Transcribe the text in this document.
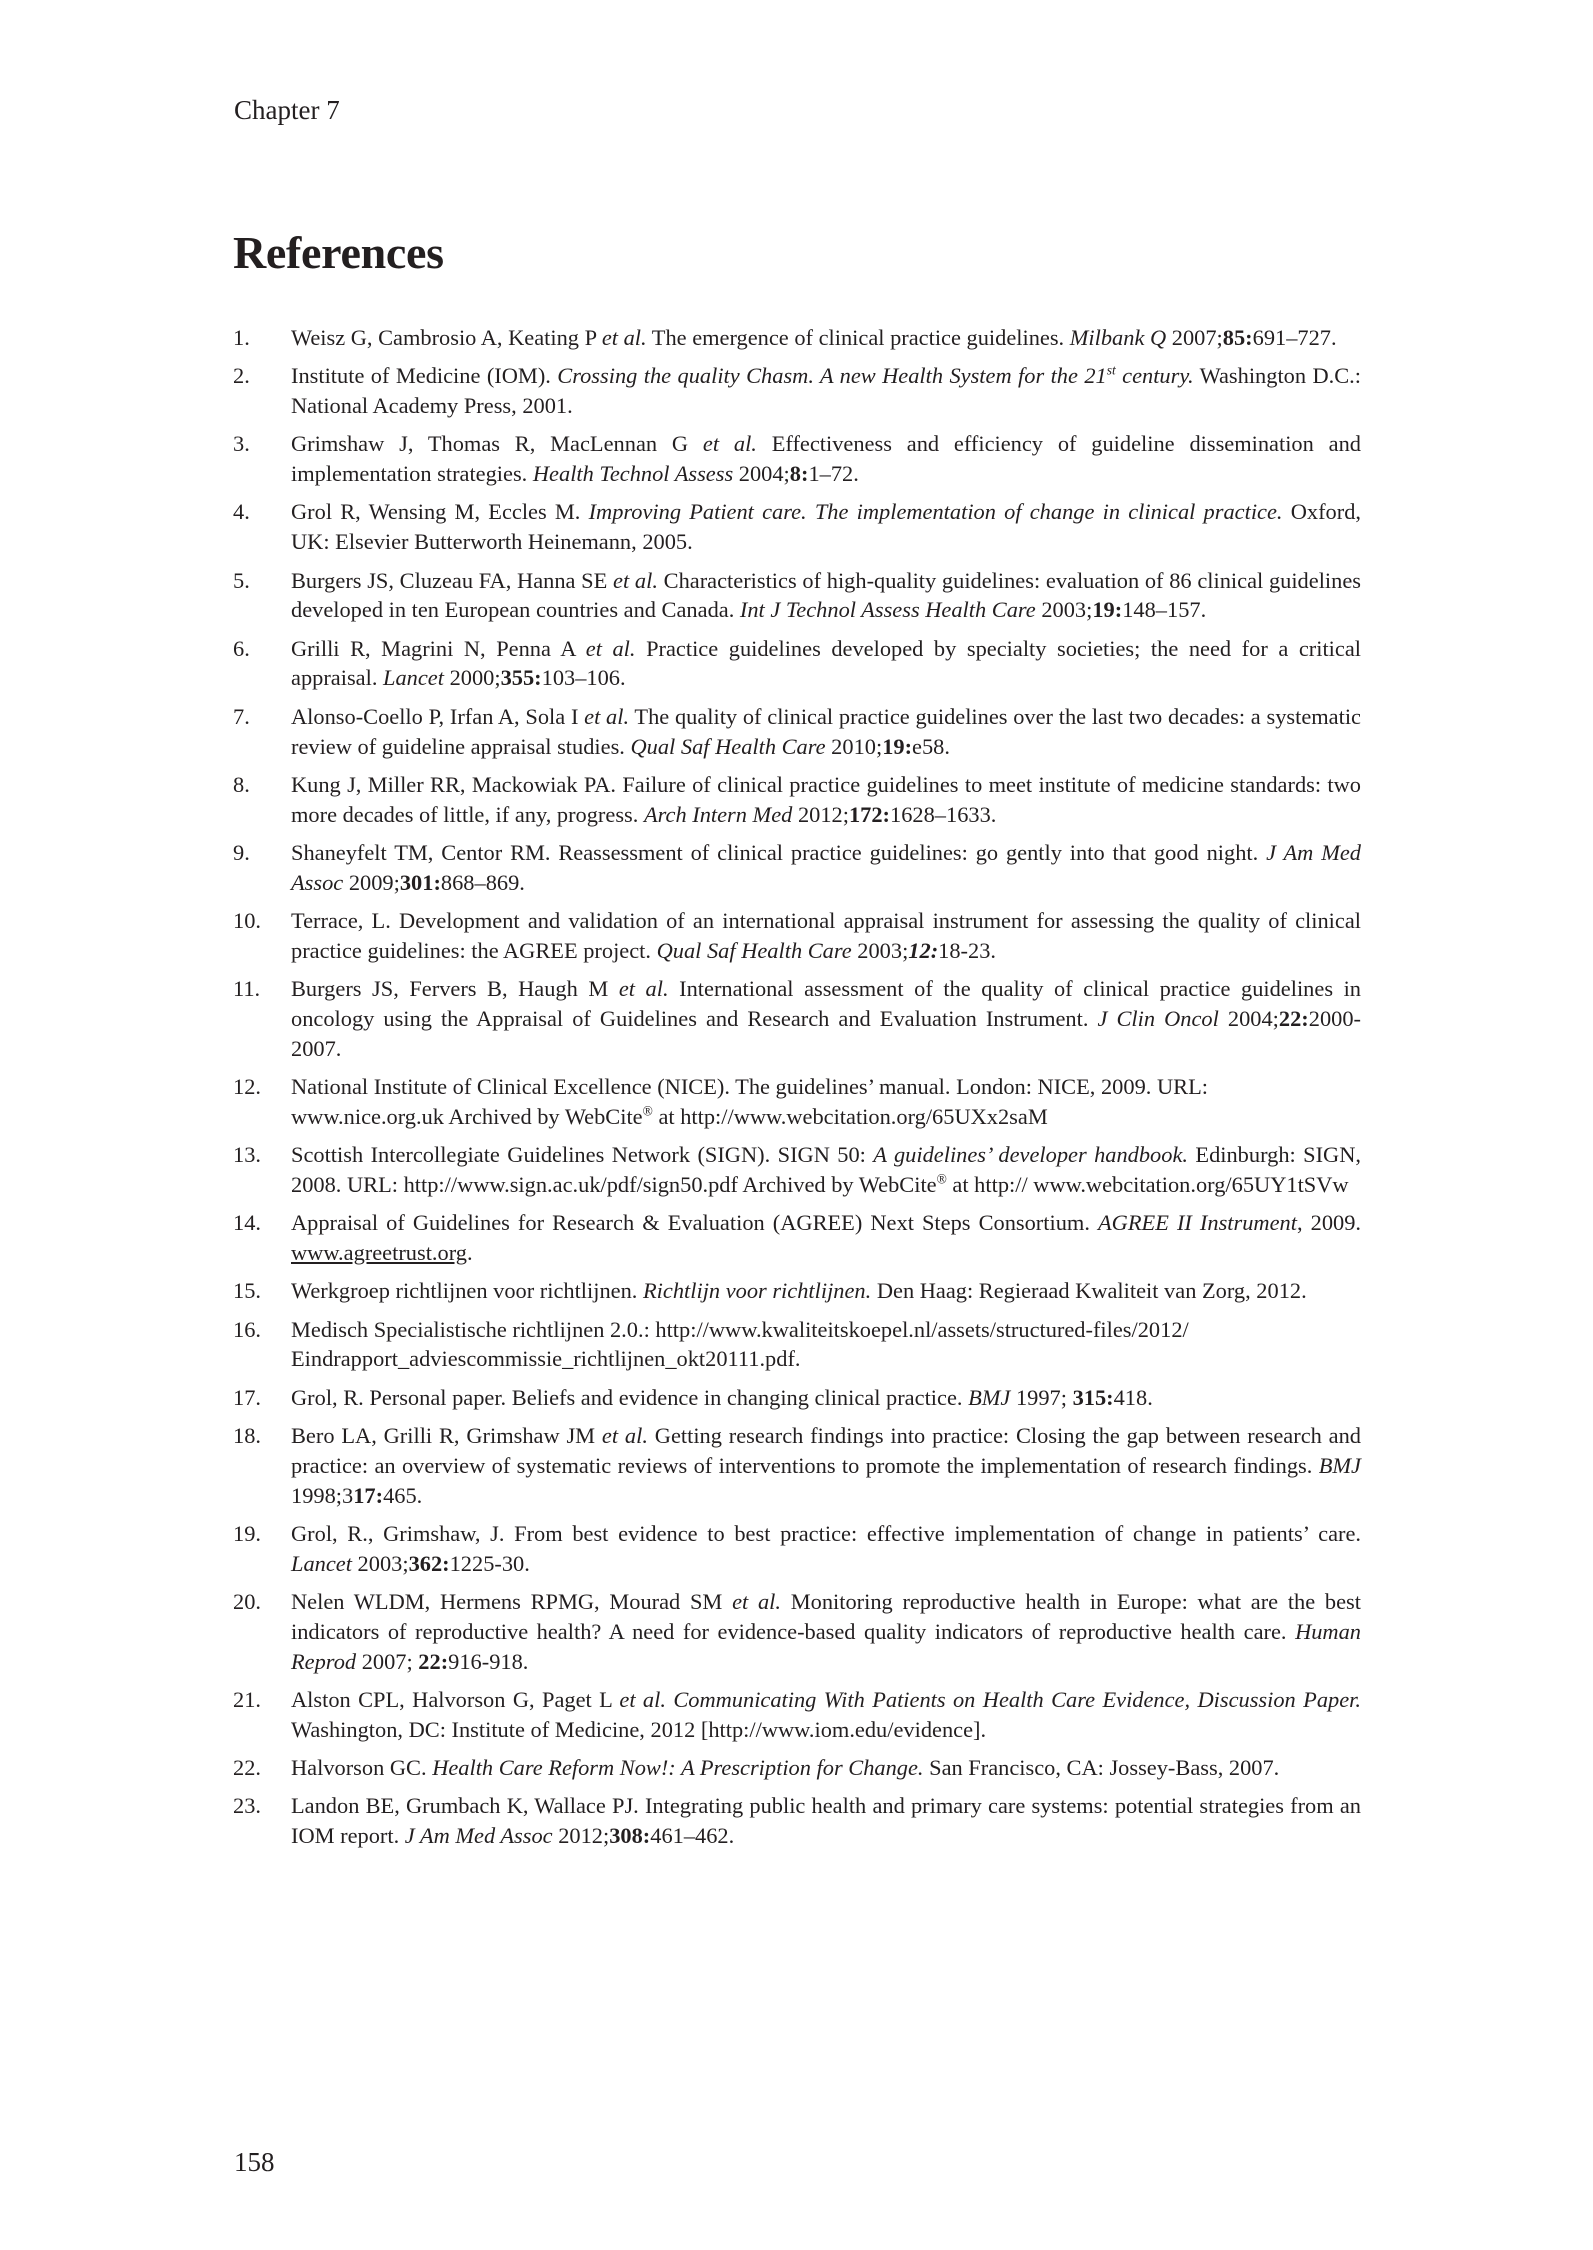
Chapter 7
References
1. Weisz G, Cambrosio A, Keating P et al. The emergence of clinical practice guidelines. Milbank Q 2007;85:691–727.
2. Institute of Medicine (IOM). Crossing the quality Chasm. A new Health System for the 21st century. Washington D.C.: National Academy Press, 2001.
3. Grimshaw J, Thomas R, MacLennan G et al. Effectiveness and efficiency of guideline dissemination and implementation strategies. Health Technol Assess 2004;8:1–72.
4. Grol R, Wensing M, Eccles M. Improving Patient care. The implementation of change in clinical practice. Oxford, UK: Elsevier Butterworth Heinemann, 2005.
5. Burgers JS, Cluzeau FA, Hanna SE et al. Characteristics of high-quality guidelines: evaluation of 86 clinical guidelines developed in ten European countries and Canada. Int J Technol Assess Health Care 2003;19:148–157.
6. Grilli R, Magrini N, Penna A et al. Practice guidelines developed by specialty societies; the need for a critical appraisal. Lancet 2000;355:103–106.
7. Alonso-Coello P, Irfan A, Sola I et al. The quality of clinical practice guidelines over the last two decades: a systematic review of guideline appraisal studies. Qual Saf Health Care 2010;19:e58.
8. Kung J, Miller RR, Mackowiak PA. Failure of clinical practice guidelines to meet institute of medicine standards: two more decades of little, if any, progress. Arch Intern Med 2012;172:1628–1633.
9. Shaneyfelt TM, Centor RM. Reassessment of clinical practice guidelines: go gently into that good night. J Am Med Assoc 2009;301:868–869.
10. Terrace, L. Development and validation of an international appraisal instrument for assessing the quality of clinical practice guidelines: the AGREE project. Qual Saf Health Care 2003;12:18-23.
11. Burgers JS, Fervers B, Haugh M et al. International assessment of the quality of clinical practice guidelines in oncology using the Appraisal of Guidelines and Research and Evaluation Instrument. J Clin Oncol 2004;22:2000-2007.
12. National Institute of Clinical Excellence (NICE). The guidelines’ manual. London: NICE, 2009. URL: www.nice.org.uk Archived by WebCite® at http://www.webcitation.org/65UXx2saM
13. Scottish Intercollegiate Guidelines Network (SIGN). SIGN 50: A guidelines’ developer handbook. Edinburgh: SIGN, 2008. URL: http://www.sign.ac.uk/pdf/sign50.pdf Archived by WebCite® at http:// www.webcitation.org/65UY1tSVw
14. Appraisal of Guidelines for Research & Evaluation (AGREE) Next Steps Consortium. AGREE II Instrument, 2009. www.agreetrust.org.
15. Werkgroep richtlijnen voor richtlijnen. Richtlijn voor richtlijnen. Den Haag: Regieraad Kwaliteit van Zorg, 2012.
16. Medisch Specialistische richtlijnen 2.0.: http://www.kwaliteitskoepel.nl/assets/structured-files/2012/ Eindrapport_adviescommissie_richtlijnen_okt20111.pdf.
17. Grol, R. Personal paper. Beliefs and evidence in changing clinical practice. BMJ 1997; 315:418.
18. Bero LA, Grilli R, Grimshaw JM et al. Getting research findings into practice: Closing the gap between research and practice: an overview of systematic reviews of interventions to promote the implementation of research findings. BMJ 1998;317:465.
19. Grol, R., Grimshaw, J. From best evidence to best practice: effective implementation of change in patients’ care. Lancet 2003;362:1225-30.
20. Nelen WLDM, Hermens RPMG, Mourad SM et al. Monitoring reproductive health in Europe: what are the best indicators of reproductive health? A need for evidence-based quality indicators of reproductive health care. Human Reprod 2007; 22:916-918.
21. Alston CPL, Halvorson G, Paget L et al. Communicating With Patients on Health Care Evidence, Discussion Paper. Washington, DC: Institute of Medicine, 2012 [http://www.iom.edu/evidence].
22. Halvorson GC. Health Care Reform Now!: A Prescription for Change. San Francisco, CA: Jossey-Bass, 2007.
23. Landon BE, Grumbach K, Wallace PJ. Integrating public health and primary care systems: potential strategies from an IOM report. J Am Med Assoc 2012;308:461–462.
158
